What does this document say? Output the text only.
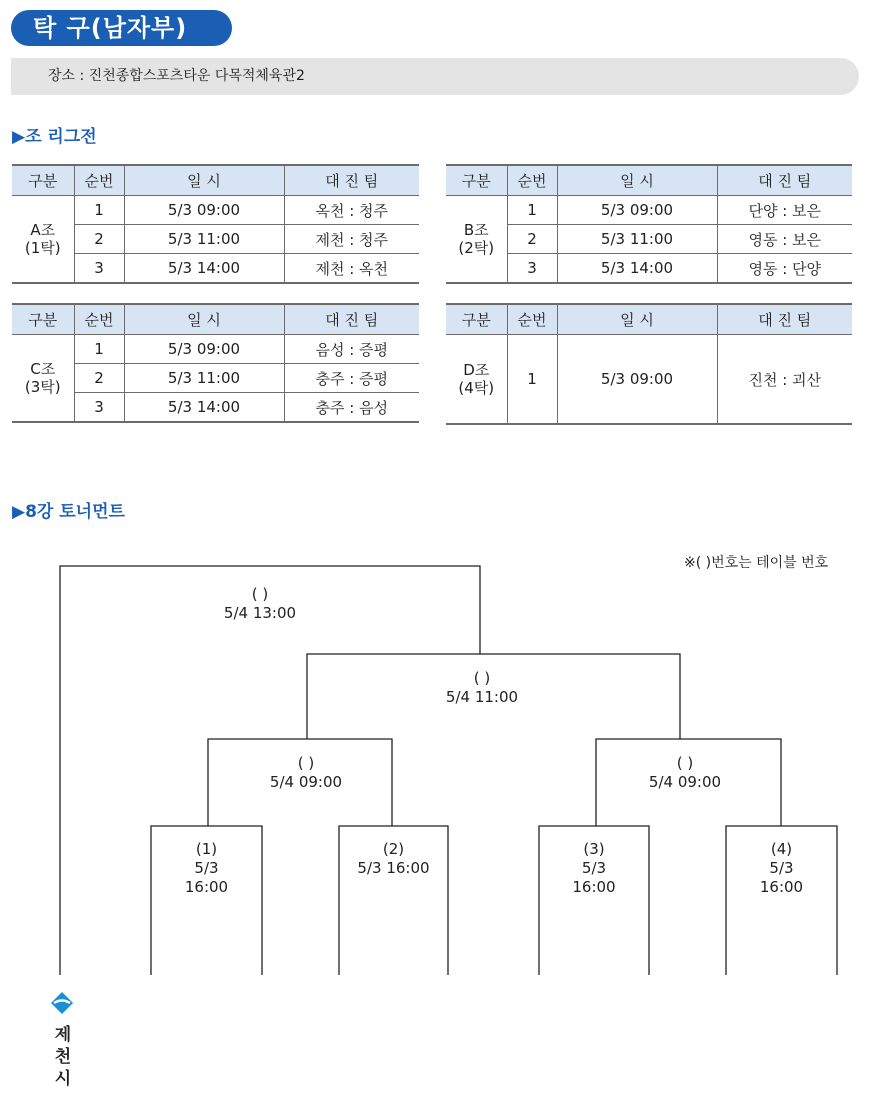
탁 구(남자부)
장소 : 진천종합스포츠타운 다목적체육관2
▶조 리그전
구분	순번	일 시	대 진 팀

A조
(1탁)	1	5/3 09:00	옥천 : 청주
	2	5/3 11:00	제천 : 청주
	3	5/3 14:00	제천 : 옥천
구분	순번	일 시	대 진 팀

B조
(2탁)	1	5/3 09:00	단양 : 보은
	2	5/3 11:00	영동 : 보은
	3	5/3 14:00	영동 : 단양
구분	순번	일 시	대 진 팀

C조
(3탁)	1	5/3 09:00	음성 : 증평
	2	5/3 11:00	충주 : 증평
	3	5/3 14:00	충주 : 음성
구분	순번	일 시	대 진 팀

D조
(4탁)	1	5/3 09:00	진천 : 괴산
▶8강 토너먼트
※( )번호는 테이블 번호
( )
5/4 13:00
( )
5/4 11:00
( )
5/4 09:00
( )
5/4 09:00
(1)
5/3
16:00
(2)
5/3 16:00
(3)
5/3
16:00
(4)
5/3
16:00
제
천
시
